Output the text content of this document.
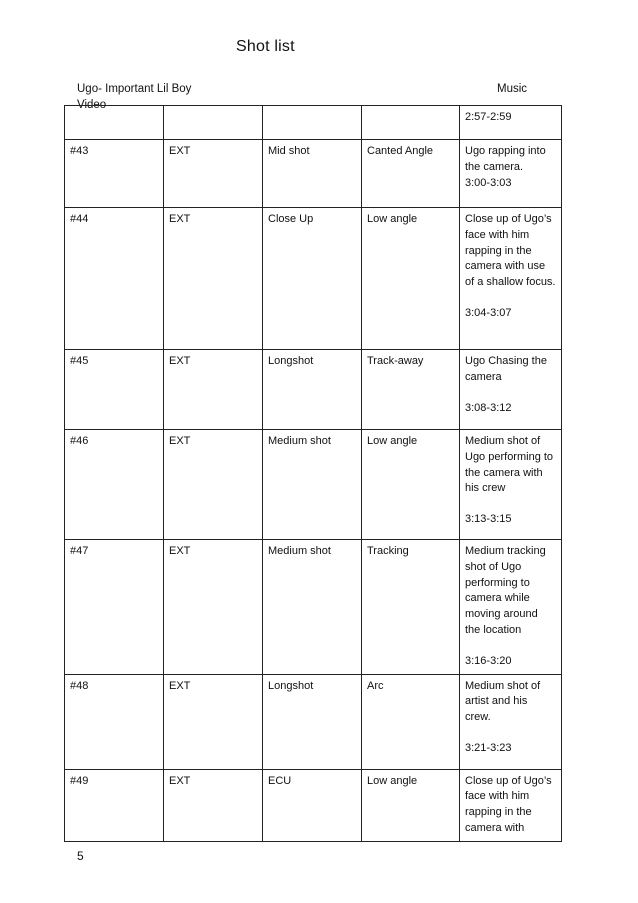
Shot list
Ugo- Important Lil Boy
Video
Music
				2:57-2:59
#43	EXT	Mid shot	Canted Angle	Ugo rapping into the camera.
3:00-3:03

#44	EXT	Close Up	Low angle	Close up of Ugo’s face with him rapping in the camera with use of a shallow focus.
3:04-3:07

#45	EXT	Longshot	Track-away	Ugo Chasing the camera
3:08-3:12

#46	EXT	Medium shot	Low angle	Medium shot of Ugo performing to the camera with his crew
3:13-3:15

#47	EXT	Medium shot	Tracking	Medium tracking shot of Ugo performing to camera while moving around the location
3:16-3:20

#48	EXT	Longshot	Arc	Medium shot of artist and his crew.
3:21-3:23

#49	EXT	ECU	Low angle	Close up of Ugo’s face with him rapping in the camera with
5
